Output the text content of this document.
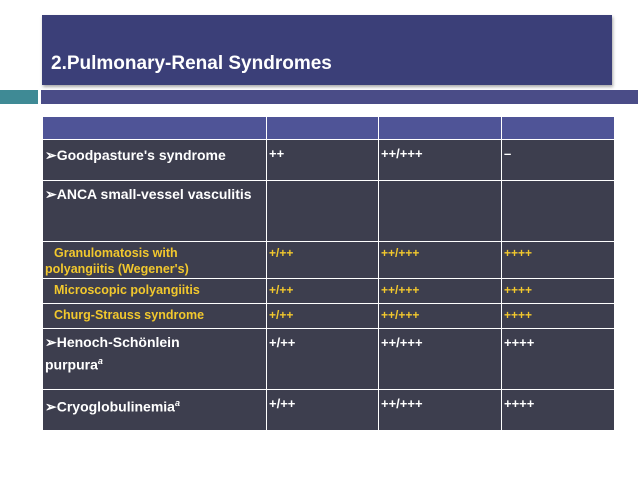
2.Pulmonary-Renal Syndromes

➢Goodpasture's syndrome	++	++/+++	–

➢ANCA small-vessel vasculitis			

Granulomatosis with
polyangiitis (Wegener's)	+/++	++/+++	++++

Microscopic polyangiitis	+/++	++/+++	++++

Churg-Strauss syndrome	+/++	++/+++	++++

➢Henoch-Schönlein
purpura$^a$	+/++	++/+++	++++

➢Cryoglobulinemia$^a$	+/++	++/+++	++++
